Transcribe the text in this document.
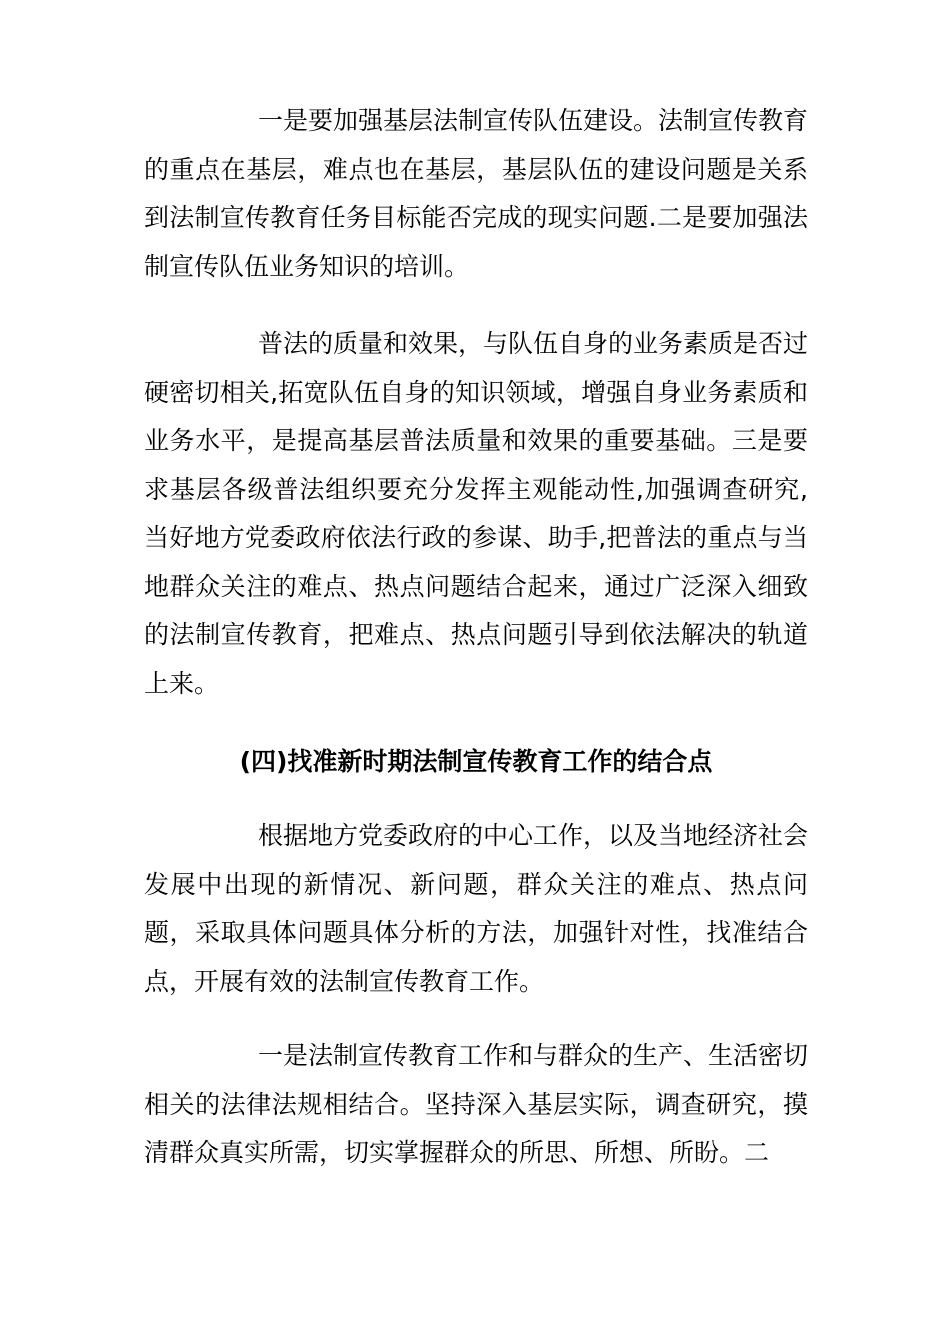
一是要加强基层法制宣传队伍建设。法制宣传教育的重点在基层，难点也在基层，基层队伍的建设问题是关系到法制宣传教育任务目标能否完成的现实问题.二是要加强法制宣传队伍业务知识的培训。

普法的质量和效果，与队伍自身的业务素质是否过硬密切相关,拓宽队伍自身的知识领域，增强自身业务素质和业务水平，是提高基层普法质量和效果的重要基础。三是要求基层各级普法组织要充分发挥主观能动性,加强调查研究,当好地方党委政府依法行政的参谋、助手,把普法的重点与当地群众关注的难点、热点问题结合起来，通过广泛深入细致的法制宣传教育，把难点、热点问题引导到依法解决的轨道上来。

(四)找准新时期法制宣传教育工作的结合点

根据地方党委政府的中心工作，以及当地经济社会发展中出现的新情况、新问题，群众关注的难点、热点问题，采取具体问题具体分析的方法，加强针对性，找准结合点，开展有效的法制宣传教育工作。

一是法制宣传教育工作和与群众的生产、生活密切相关的法律法规相结合。坚持深入基层实际，调查研究，摸清群众真实所需，切实掌握群众的所思、所想、所盼。二
